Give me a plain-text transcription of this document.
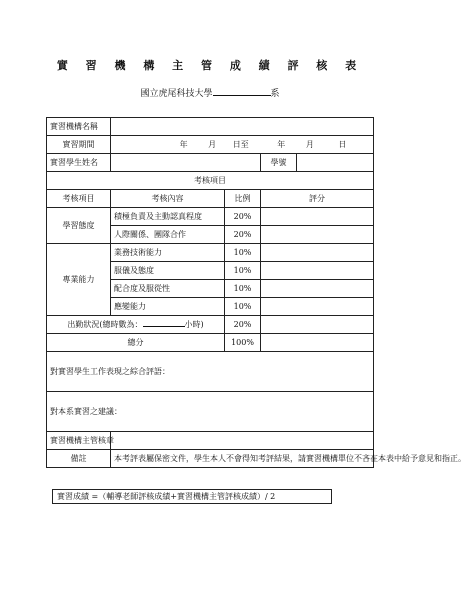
實 習 機 構 主 管 成 績 評 核 表
國立虎尾科技大學	系
實習機構名稱				
實習期間	年 月 日至 年 月 日			
實習學生姓名			學號	
考核項目				
考核項目	考核內容	比例	評分	
學習態度	積極負責及主動認真程度	20%		
	人際關係、團隊合作	20%		
專業能力	業務技術能力	10%		
	服儀及態度	10%		
	配合度及服從性	10%		
	應變能力	10%		
出勤狀況(總時數為： 小時)		20%		
總分		100%		
對實習學生工作表現之綜合評語：				
對本系實習之建議：				
實習機構主管核章				
備註	本考評表屬保密文件，學生本人不會得知考評結果，請實習機構單位不吝在本表中給予意見和指正。			
實習成績 =（輔導老師評核成績+實習機構主管評核成績）/ 2
